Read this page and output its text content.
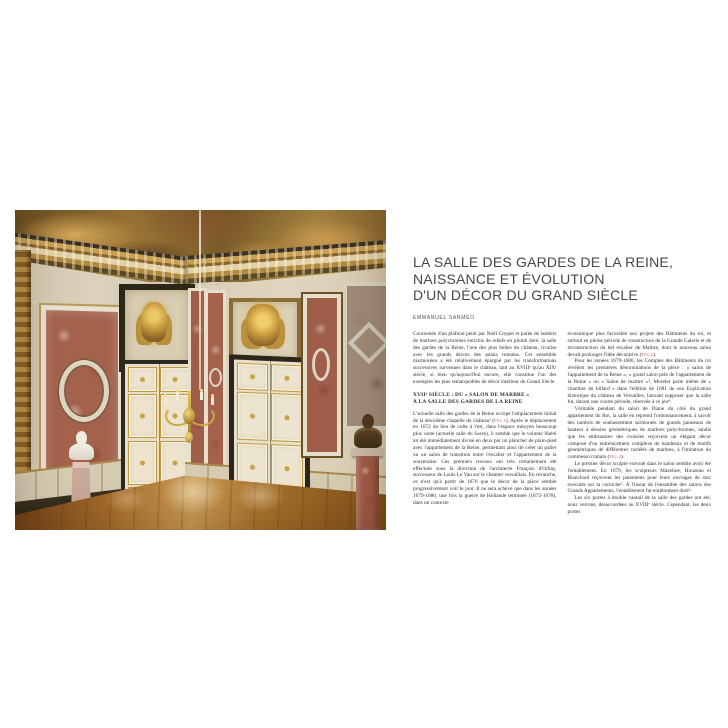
LA SALLE DES GARDES DE LA REINE,
NAISSANCE ET ÉVOLUTION
D'UN DÉCOR DU GRAND SIÈCLE
EMMANUEL SARMÉO

Couronnée d'un plafond peint par Noël Coypel et parée de lambris de marbres polychromes enrichis de reliefs en plomb doré, la salle des gardes de la Reine, l'une des plus belles du château, rivalise avec les grands décors des palais romains. Cet ensemble marmoréen a été relativement épargné par les transformations successives survenues dans le château, tant au XVIIIᵉ qu'au XIXᵉ siècle, si bien qu'aujourd'hui encore, elle constitue l'un des exemples les plus remarquables de décor intérieur du Grand Siècle.

XVIIᵉ SIÈCLE : DU « SALON DE MARBRE »
À LA SALLE DES GARDES DE LA REINE

L'actuelle salle des gardes de la Reine occupe l'emplacement initial de la deuxième chapelle du château² (FIG. 1). Après le déplacement en 1672 du lieu de culte à l'est, dans l'espace mitoyen beaucoup plus vaste (actuelle salle du Sacre), il semble que le volume libéré ait été immédiatement divisé en deux par un plancher de plain-pied avec l'appartement de la Reine, permettant ainsi de créer un palier ou un salon de transition entre l'escalier et l'appartement de la souveraine. Ces premiers travaux ont très certainement été effectués sous la direction de l'architecte François d'Orbay, successeur de Louis Le Vau sur le chantier versaillais. En revanche, ce n'est qu'à partir de 1676 que le décor de la pièce semble progressivement voir le jour. Il ne sera achevé que dans les années 1679-1680, une fois la guerre de Hollande terminée (1672-1678), dans un contexte

économique plus favorable aux projets des Bâtiments du roi, et surtout en pleine période de construction de la Grande Galerie et de reconstruction du bel escalier de Marbre, dont le nouveau salon devait prolonger l'idée décorative (FIG. 2).

Pour les années 1679-1680, les Comptes des Bâtiments du roi révèlent les premières dénominations de la pièce : « salon de l'appartement de la Reine », « grand salon près de l'appartement de la Reine » ou « Salon de marbre »³. Morelet parle même de « chambre du billard » dans l'édition de 1681 de son Explication historique du château de Versailles, laissant supposer que la salle fut, durant une courte période, réservée à ce jeu⁴.

Véritable pendant du salon de Diane du côté du grand appartement du Roi, la salle en reprend l'ordonnancement, à savoir des lambris de soubassement surmontés de grands panneaux de hauteur à dessins géométriques de marbres polychromes, tandis que les embrasures des croisées reçoivent un élégant décor composé d'un entrelacement complexe de bandeaux et de motifs géométriques de différentes variétés de marbres, à l'imitation du commesso romain (FIG. 4).

Le premier décor sculpté exécuté dans le salon semble avoir été l'entablement. En 1679, les sculpteurs Mazeline, Houzeau et Blanchard reçoivent les paiements pour leurs ouvrages de stuc exécutés sur la corniche⁵. À l'instar de l'ensemble des salons des Grands Appartements, l'entablement fut entièrement doré⁶.

Les six portes à double vantail de la salle des gardes ont été, nous verrons, désaccordées au XVIIIᵉ siècle. Cependant, les deux portes
